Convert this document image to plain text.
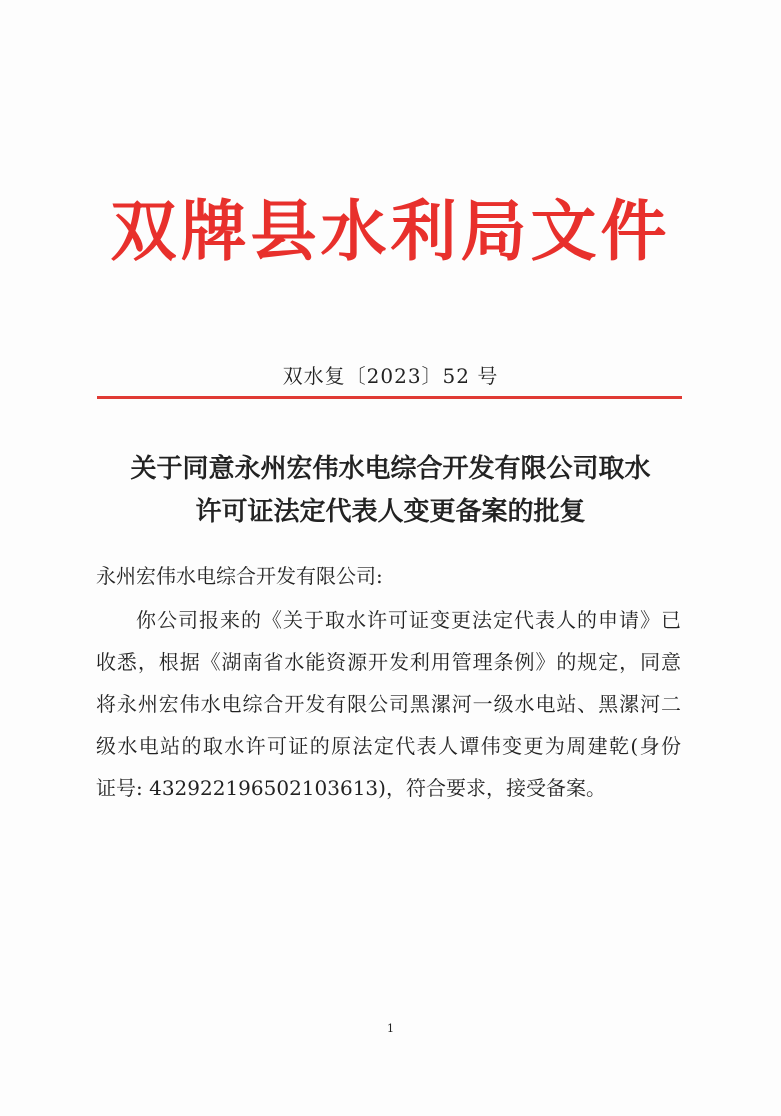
双牌县水利局文件
双水复〔2023〕52 号
关于同意永州宏伟水电综合开发有限公司取水
许可证法定代表人变更备案的批复
永州宏伟水电综合开发有限公司:
你公司报来的《关于取水许可证变更法定代表人的申请》已
收悉，根据《湖南省水能资源开发利用管理条例》的规定，同意
将永州宏伟水电综合开发有限公司黑漯河一级水电站、黑漯河二
级水电站的取水许可证的原法定代表人谭伟变更为周建乾(身份
证号: 432922196502103613)，符合要求，接受备案。
1
